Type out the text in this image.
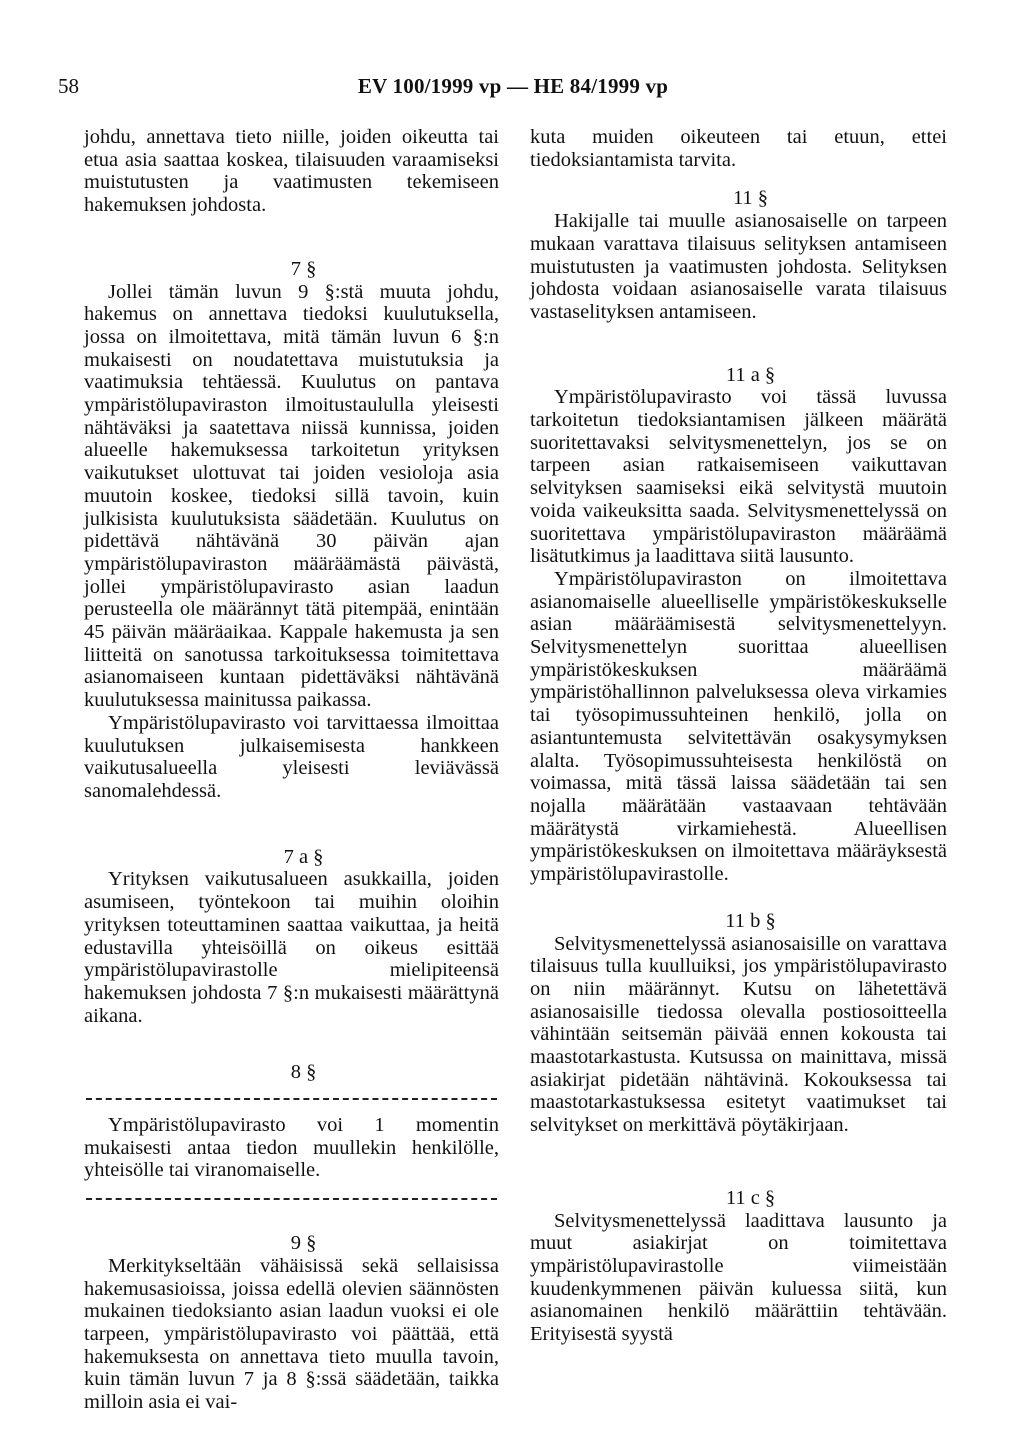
58	EV 100/1999 vp — HE 84/1999 vp

johdu, annettava tieto niille, joiden oikeutta tai etua asia saattaa koskea, tilaisuuden varaamiseksi muistutusten ja vaatimusten tekemiseen hakemuksen johdosta.

7 §

Jollei tämän luvun 9 §:stä muuta johdu, hakemus on annettava tiedoksi kuulutuksella, jossa on ilmoitettava, mitä tämän luvun 6 §:n mukaisesti on noudatettava muistutuksia ja vaatimuksia tehtäessä. Kuulutus on pantava ympäristölupaviraston ilmoitustaululla yleisesti nähtäväksi ja saatettava niissä kunnissa, joiden alueelle hakemuksessa tarkoitetun yrityksen vaikutukset ulottuvat tai joiden vesioloja asia muutoin koskee, tiedoksi sillä tavoin, kuin julkisista kuulutuksista säädetään. Kuulutus on pidettävä nähtävänä 30 päivän ajan ympäristölupaviraston määräämästä päivästä, jollei ympäristölupavirasto asian laadun perusteella ole määrännyt tätä pitempää, enintään 45 päivän määräaikaa. Kappale hakemusta ja sen liitteitä on sanotussa tarkoituksessa toimitettava asianomaiseen kuntaan pidettäväksi nähtävänä kuulutuksessa mainitussa paikassa.

Ympäristölupavirasto voi tarvittaessa ilmoittaa kuulutuksen julkaisemisesta hankkeen vaikutusalueella yleisesti leviävässä sanomalehdessä.

7 a §

Yrityksen vaikutusalueen asukkailla, joiden asumiseen, työntekoon tai muihin oloihin yrityksen toteuttaminen saattaa vaikuttaa, ja heitä edustavilla yhteisöillä on oikeus esittää ympäristölupavirastolle mielipiteensä hakemuksen johdosta 7 §:n mukaisesti määrättynä aikana.

8 §

Ympäristölupavirasto voi 1 momentin mukaisesti antaa tiedon muullekin henkilölle, yhteisölle tai viranomaiselle.

9 §

Merkitykseltään vähäisissä sekä sellaisissa hakemusasioissa, joissa edellä olevien säännösten mukainen tiedoksianto asian laadun vuoksi ei ole tarpeen, ympäristölupavirasto voi päättää, että hakemuksesta on annettava tieto muulla tavoin, kuin tämän luvun 7 ja 8 §:ssä säädetään, taikka milloin asia ei vai-

kuta muiden oikeuteen tai etuun, ettei tiedoksiantamista tarvita.

11 §

Hakijalle tai muulle asianosaiselle on tarpeen mukaan varattava tilaisuus selityksen antamiseen muistutusten ja vaatimusten johdosta. Selityksen johdosta voidaan asianosaiselle varata tilaisuus vastaselityksen antamiseen.

11 a §

Ympäristölupavirasto voi tässä luvussa tarkoitetun tiedoksiantamisen jälkeen määrätä suoritettavaksi selvitysmenettelyn, jos se on tarpeen asian ratkaisemiseen vaikuttavan selvityksen saamiseksi eikä selvitystä muutoin voida vaikeuksitta saada. Selvitysmenettelyssä on suoritettava ympäristölupaviraston määräämä lisätutkimus ja laadittava siitä lausunto.

Ympäristölupaviraston on ilmoitettava asianomaiselle alueelliselle ympäristökeskukselle asian määräämisestä selvitysmenettelyyn. Selvitysmenettelyn suorittaa alueellisen ympäristökeskuksen määräämä ympäristöhallinnon palveluksessa oleva virkamies tai työsopimussuhteinen henkilö, jolla on asiantuntemusta selvitettävän osakysymyksen alalta. Työsopimussuhteisesta henkilöstä on voimassa, mitä tässä laissa säädetään tai sen nojalla määrätään vastaavaan tehtävään määrätystä virkamiehestä. Alueellisen ympäristökeskuksen on ilmoitettava määräyksestä ympäristölupavirastolle.

11 b §

Selvitysmenettelyssä asianosaisille on varattava tilaisuus tulla kuulluiksi, jos ympäristölupavirasto on niin määrännyt. Kutsu on lähetettävä asianosaisille tiedossa olevalla postiosoitteella vähintään seitsemän päivää ennen kokousta tai maastotarkastusta. Kutsussa on mainittava, missä asiakirjat pidetään nähtävinä. Kokouksessa tai maastotarkastuksessa esitetyt vaatimukset tai selvitykset on merkittävä pöytäkirjaan.

11 c §

Selvitysmenettelyssä laadittava lausunto ja muut asiakirjat on toimitettava ympäristölupavirastolle viimeistään kuudenkymmenen päivän kuluessa siitä, kun asianomainen henkilö määrättiin tehtävään. Erityisestä syystä
